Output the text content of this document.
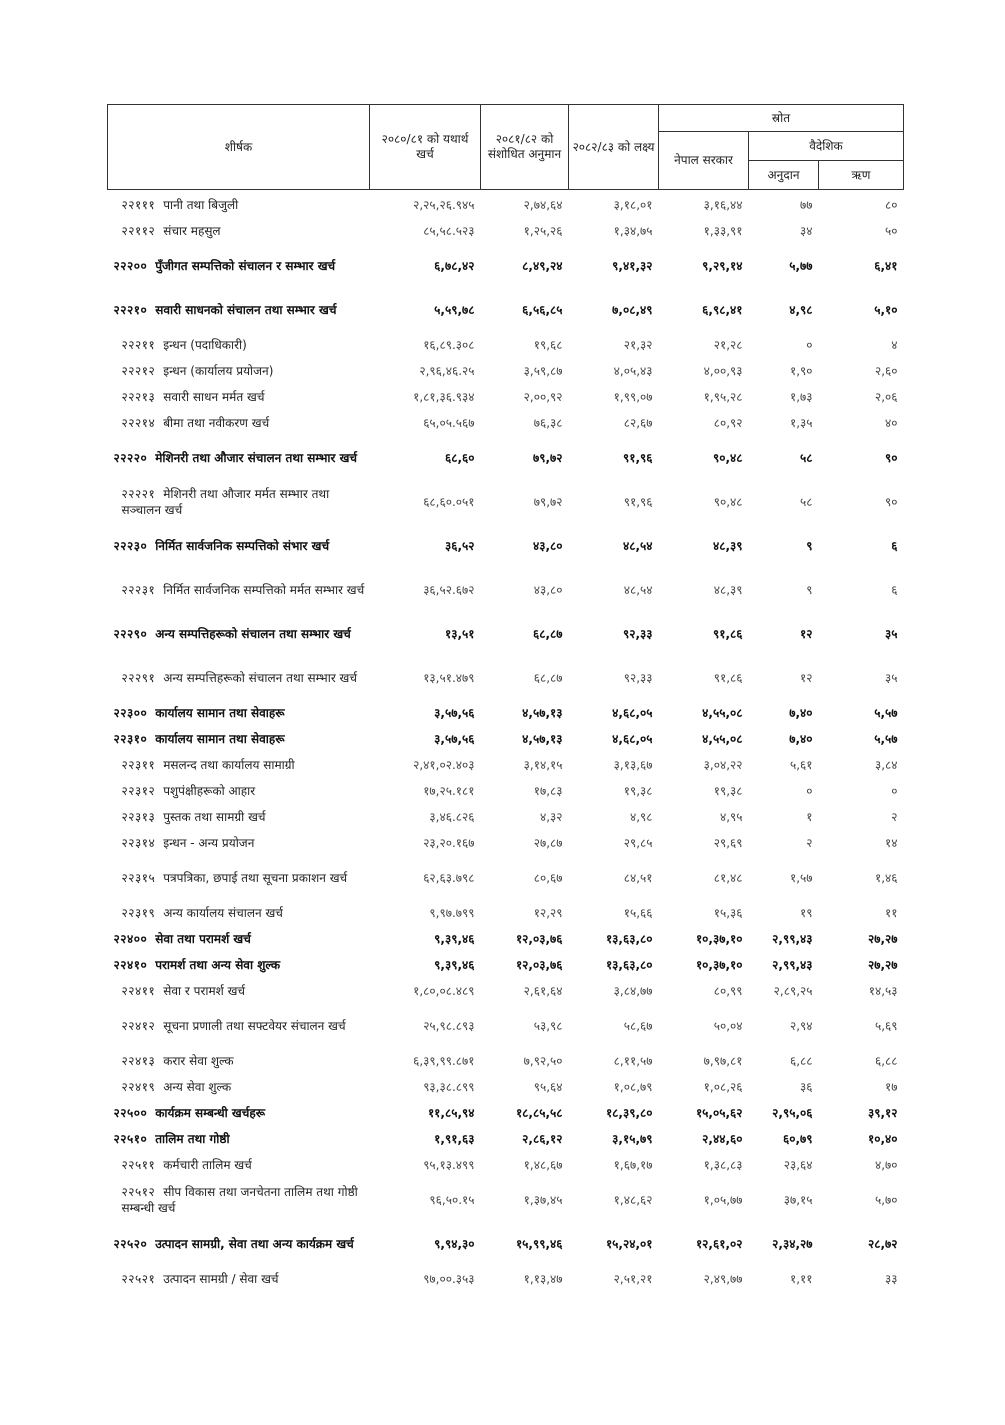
शीर्षक	२०८०/८१ को यथार्थ खर्च	२०८१/८२ को संशोधित अनुमान	२०८२/८३ को लक्ष्य	स्रोत		
				नेपाल सरकार	वैदेशिक	
					अनुदान	ऋण
२२१११ पानी तथा बिजुली	२,२५,२६.९४५	२,७४,६४	३,१८,०१	३,१६,४४	७७	८०
२२११२ संचार महसुल	८५,५८.५२३	१,२५,२६	१,३४,७५	१,३३,९१	३४	५०
२२२०० पुँजीगत सम्पत्तिको संचालन र सम्भार खर्च	६,७८,४२	८,४९,२४	९,४१,३२	९,२९,१४	५,७७	६,४१
२२२१० सवारी साधनको संचालन तथा सम्भार खर्च	५,५९,७८	६,५६,८५	७,०८,४९	६,९८,४१	४,९८	५,१०
२२२११ इन्धन (पदाधिकारी)	१६,८९.३०८	१९,६८	२१,३२	२१,२८	०	४
२२२१२ इन्धन (कार्यालय प्रयोजन)	२,९६,४६.२५	३,५९,८७	४,०५,४३	४,००,९३	१,९०	२,६०
२२२१३ सवारी साधन मर्मत खर्च	१,८१,३६.९३४	२,००,९२	१,९९,०७	१,९५,२८	१,७३	२,०६
२२२१४ बीमा तथा नवीकरण खर्च	६५,०५.५६७	७६,३८	८२,६७	८०,९२	१,३५	४०
२२२२० मेशिनरी तथा औजार संचालन तथा सम्भार खर्च	६८,६०	७९,७२	९१,९६	९०,४८	५८	९०
२२२२१ मेशिनरी तथा औजार मर्मत सम्भार तथा सञ्चालन खर्च	६८,६०.०५१	७९,७२	९१,९६	९०,४८	५८	९०
२२२३० निर्मित सार्वजनिक सम्पत्तिको संभार खर्च	३६,५२	४३,८०	४८,५४	४८,३९	९	६
२२२३१ निर्मित सार्वजनिक सम्पत्तिको मर्मत सम्भार खर्च	३६,५२.६७२	४३,८०	४८,५४	४८,३९	९	६
२२२९० अन्य सम्पत्तिहरूको संचालन तथा सम्भार खर्च	१३,५१	६८,८७	९२,३३	९१,८६	१२	३५
२२२९१ अन्य सम्पत्तिहरूको संचालन तथा सम्भार खर्च	१३,५१.४७९	६८,८७	९२,३३	९१,८६	१२	३५
२२३०० कार्यालय सामान तथा सेवाहरू	३,५७,५६	४,५७,१३	४,६८,०५	४,५५,०८	७,४०	५,५७
२२३१० कार्यालय सामान तथा सेवाहरू	३,५७,५६	४,५७,१३	४,६८,०५	४,५५,०८	७,४०	५,५७
२२३११ मसलन्द तथा कार्यालय सामाग्री	२,४१,०२.४०३	३,१४,१५	३,१३,६७	३,०४,२२	५,६१	३,८४
२२३१२ पशुपंक्षीहरूको आहार	१७,२५.१८१	१७,८३	१९,३८	१९,३८	०	०
२२३१३ पुस्तक तथा सामग्री खर्च	३,४६.८२६	४,३२	४,९८	४,९५	१	२
२२३१४ इन्धन - अन्य प्रयोजन	२३,२०.१६७	२७,८७	२९,८५	२९,६९	२	१४
२२३१५ पत्रपत्रिका, छपाई तथा सूचना प्रकाशन खर्च	६२,६३.७९८	८०,६७	८४,५१	८१,४८	१,५७	१,४६
२२३१९ अन्य कार्यालय संचालन खर्च	९,९७.७९९	१२,२९	१५,६६	१५,३६	१९	११
२२४०० सेवा तथा परामर्श खर्च	९,३९,४६	१२,०३,७६	१३,६३,८०	१०,३७,१०	२,९९,४३	२७,२७
२२४१० परामर्श तथा अन्य सेवा शुल्क	९,३९,४६	१२,०३,७६	१३,६३,८०	१०,३७,१०	२,९९,४३	२७,२७
२२४११ सेवा र परामर्श खर्च	१,८०,०८.४८९	२,६१,६४	३,८४,७७	८०,९९	२,८९,२५	१४,५३
२२४१२ सूचना प्रणाली तथा सफ्टवेयर संचालन खर्च	२५,९८.८९३	५३,९८	५८,६७	५०,०४	२,९४	५,६९
२२४१३ करार सेवा शुल्क	६,३९,९९.८७१	७,९२,५०	८,११,५७	७,९७,८१	६,८८	६,८८
२२४१९ अन्य सेवा शुल्क	९३,३८.८९९	९५,६४	१,०८,७९	१,०८,२६	३६	१७
२२५०० कार्यक्रम सम्बन्धी खर्चहरू	११,८५,९४	१८,८५,५८	१८,३९,८०	१५,०५,६२	२,९५,०६	३९,१२
२२५१० तालिम तथा गोष्ठी	१,९१,६३	२,८६,१२	३,१५,७९	२,४४,६०	६०,७९	१०,४०
२२५११ कर्मचारी तालिम खर्च	९५,१३.४९९	१,४८,६७	१,६७,१७	१,३८,८३	२३,६४	४,७०
२२५१२ सीप विकास तथा जनचेतना तालिम तथा गोष्ठी सम्बन्धी खर्च	९६,५०.१५	१,३७,४५	१,४८,६२	१,०५,७७	३७,१५	५,७०
२२५२० उत्पादन सामग्री, सेवा तथा अन्य कार्यक्रम खर्च	९,९४,३०	१५,९९,४६	१५,२४,०१	१२,६१,०२	२,३४,२७	२८,७२
२२५२१ उत्पादन सामग्री / सेवा खर्च	९७,००.३५३	१,१३,४७	२,५१,२१	२,४९,७७	१,११	३३
